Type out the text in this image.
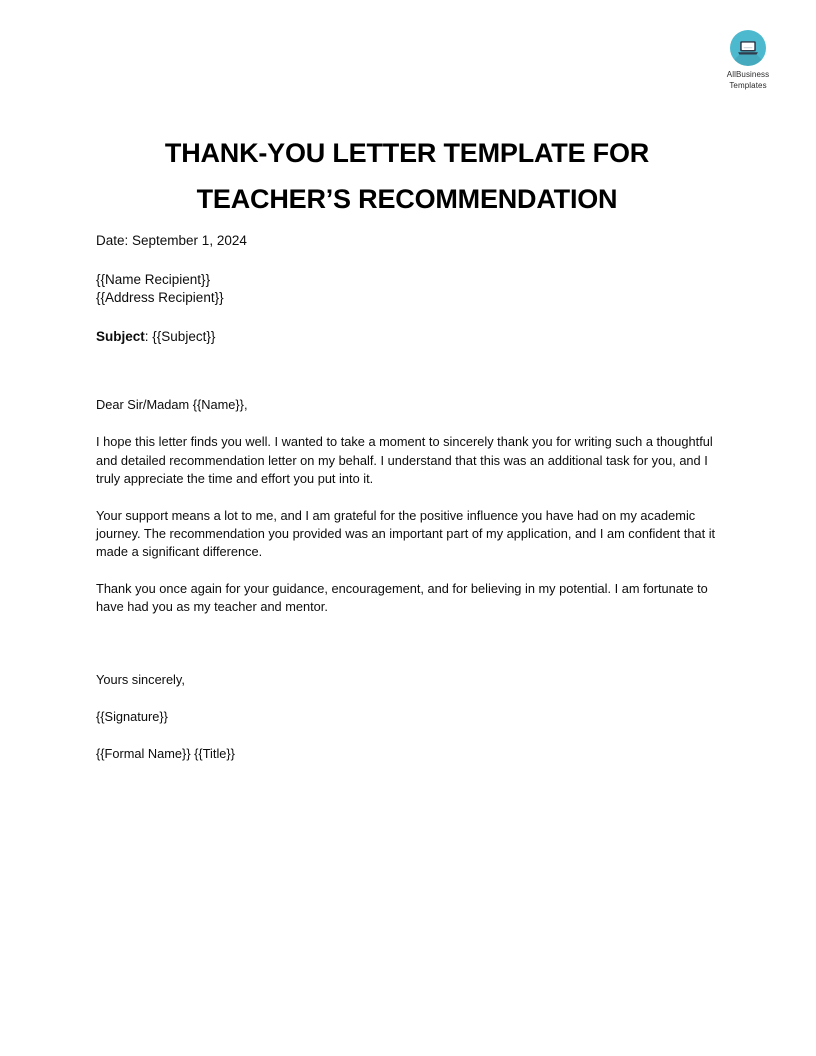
AllBusiness
Templates
THANK-YOU LETTER TEMPLATE FOR
TEACHER’S RECOMMENDATION
Date: September 1, 2024
{{Name Recipient}}
{{Address Recipient}}
Subject: {{Subject}}

Dear Sir/Madam {{Name}},

I hope this letter finds you well. I wanted to take a moment to sincerely thank you for writing such a thoughtful and detailed recommendation letter on my behalf. I understand that this was an additional task for you, and I truly appreciate the time and effort you put into it.

Your support means a lot to me, and I am grateful for the positive influence you have had on my academic journey. The recommendation you provided was an important part of my application, and I am confident that it made a significant difference.

Thank you once again for your guidance, encouragement, and for believing in my potential. I am fortunate to have had you as my teacher and mentor.

Yours sincerely,

{{Signature}}

{{Formal Name}} {{Title}}
